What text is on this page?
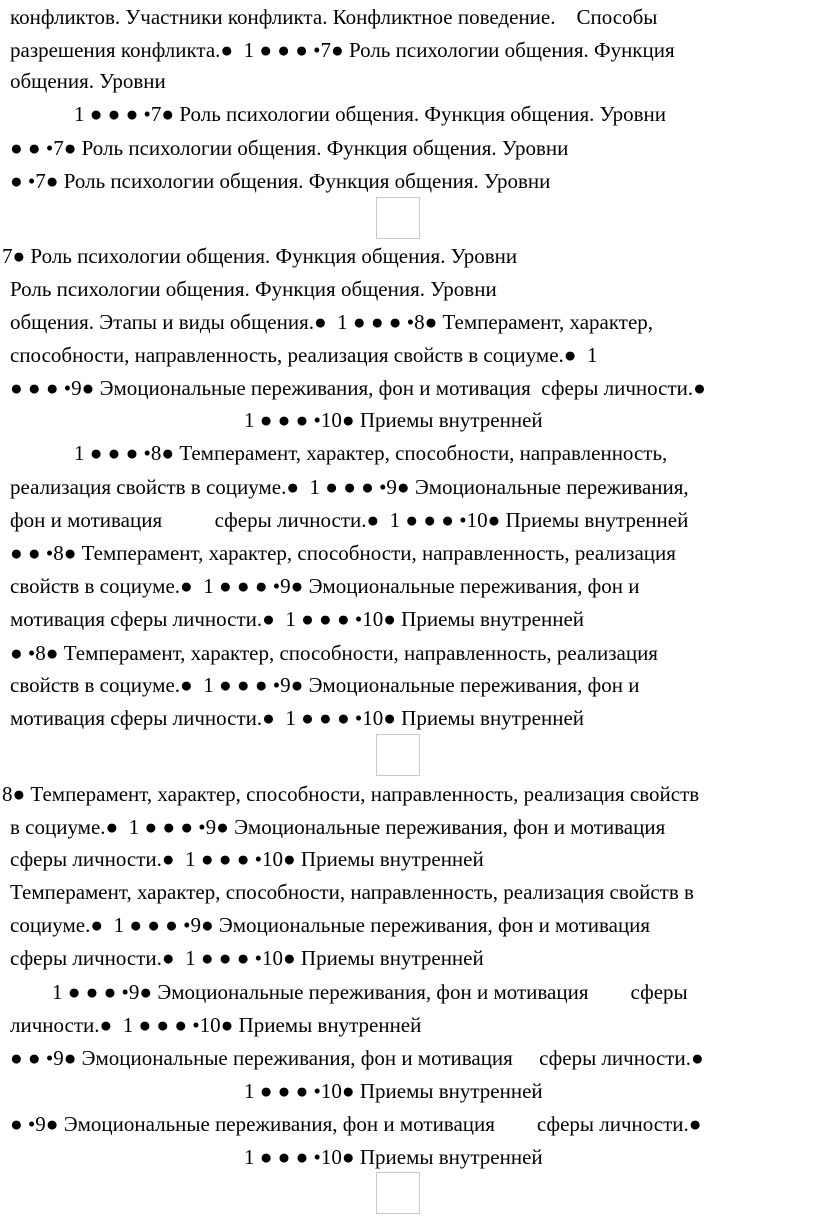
конфликтов. Участники конфликта. Конфликтное поведение.    Способы
разрешения конфликта.●  1 ● ● ● •7● Роль психологии общения. Функция
общения. Уровни
1 ● ● ● •7● Роль психологии общения. Функция общения. Уровни
● ● •7● Роль психологии общения. Функция общения. Уровни
● •7● Роль психологии общения. Функция общения. Уровни
7● Роль психологии общения. Функция общения. Уровни
Роль психологии общения. Функция общения. Уровни
общения. Этапы и виды общения.●  1 ● ● ● •8● Темперамент, характер,
способности, направленность, реализация свойств в социуме.●  1
● ● ● •9● Эмоциональные переживания, фон и мотивация  сферы личности.●
1 ● ● ● •10● Приемы внутренней
1 ● ● ● •8● Темперамент, характер, способности, направленность,
реализация свойств в социуме.●  1 ● ● ● •9● Эмоциональные переживания,
фон и мотивация          сферы личности.●  1 ● ● ● •10● Приемы внутренней
● ● •8● Темперамент, характер, способности, направленность, реализация
свойств в социуме.●  1 ● ● ● •9● Эмоциональные переживания, фон и
мотивация сферы личности.●  1 ● ● ● •10● Приемы внутренней
● •8● Темперамент, характер, способности, направленность, реализация
свойств в социуме.●  1 ● ● ● •9● Эмоциональные переживания, фон и
мотивация сферы личности.●  1 ● ● ● •10● Приемы внутренней
8● Темперамент, характер, способности, направленность, реализация свойств
в социуме.●  1 ● ● ● •9● Эмоциональные переживания, фон и мотивация
сферы личности.●  1 ● ● ● •10● Приемы внутренней
Темперамент, характер, способности, направленность, реализация свойств в
социуме.●  1 ● ● ● •9● Эмоциональные переживания, фон и мотивация
сферы личности.●  1 ● ● ● •10● Приемы внутренней
1 ● ● ● •9● Эмоциональные переживания, фон и мотивация        сферы
личности.●  1 ● ● ● •10● Приемы внутренней
● ● •9● Эмоциональные переживания, фон и мотивация     сферы личности.●
1 ● ● ● •10● Приемы внутренней
● •9● Эмоциональные переживания, фон и мотивация        сферы личности.●
1 ● ● ● •10● Приемы внутренней
